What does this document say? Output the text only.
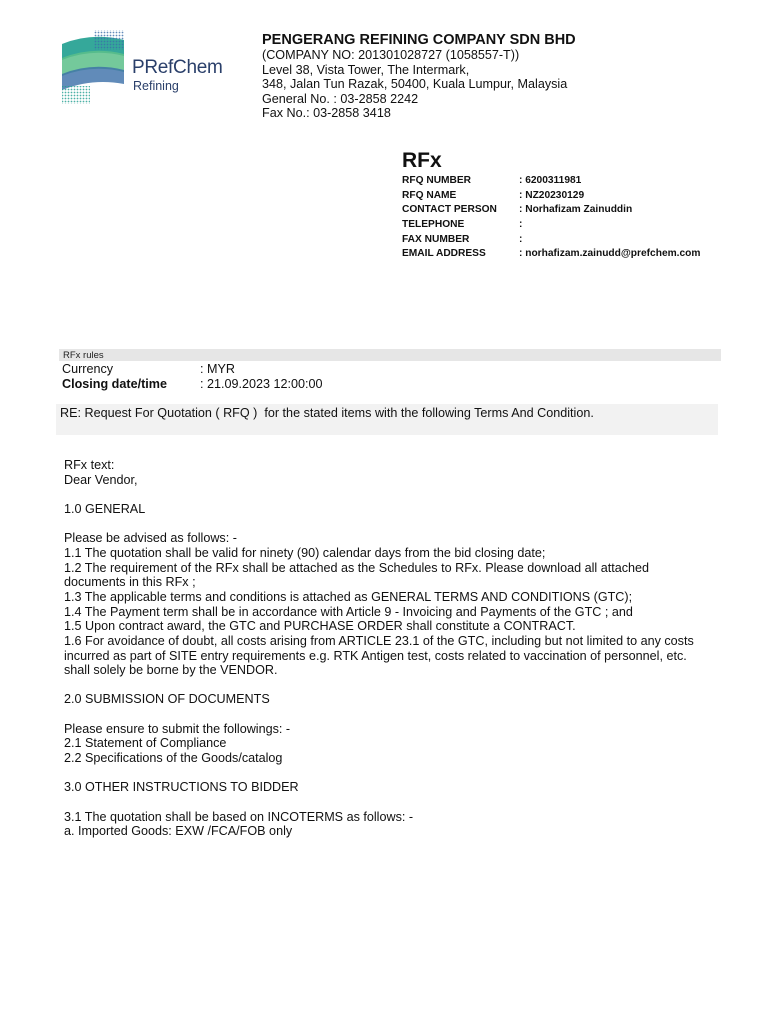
PRefChem
Refining
PENGERANG REFINING COMPANY SDN BHD
(COMPANY NO: 201301028727 (1058557-T))
Level 38, Vista Tower, The Intermark,
348, Jalan Tun Razak, 50400, Kuala Lumpur, Malaysia
General No. : 03-2858 2242
Fax No.: 03-2858 3418
RFx
RFQ NUMBER	: 6200311981
RFQ NAME	: NZ20230129
CONTACT PERSON	: Norhafizam Zainuddin
TELEPHONE	:
FAX NUMBER	:
EMAIL ADDRESS	: norhafizam.zainudd@prefchem.com
RFx rules
Currency	: MYR
Closing date/time	: 21.09.2023 12:00:00
RE: Request For Quotation ( RFQ )  for the stated items with the following Terms And Condition.
RFx text:
Dear Vendor,
1.0 GENERAL
Please be advised as follows: -
1.1 The quotation shall be valid for ninety (90) calendar days from the bid closing date;
1.2 The requirement of the RFx shall be attached as the Schedules to RFx. Please download all attached
documents in this RFx ;
1.3 The applicable terms and conditions is attached as GENERAL TERMS AND CONDITIONS (GTC);
1.4 The Payment term shall be in accordance with Article 9 - Invoicing and Payments of the GTC ; and
1.5 Upon contract award, the GTC and PURCHASE ORDER shall constitute a CONTRACT.
1.6 For avoidance of doubt, all costs arising from ARTICLE 23.1 of the GTC, including but not limited to any costs
incurred as part of SITE entry requirements e.g. RTK Antigen test, costs related to vaccination of personnel, etc.
shall solely be borne by the VENDOR.
2.0 SUBMISSION OF DOCUMENTS
Please ensure to submit the followings: -
2.1 Statement of Compliance
2.2 Specifications of the Goods/catalog
3.0 OTHER INSTRUCTIONS TO BIDDER
3.1 The quotation shall be based on INCOTERMS as follows: -
a. Imported Goods: EXW /FCA/FOB only
